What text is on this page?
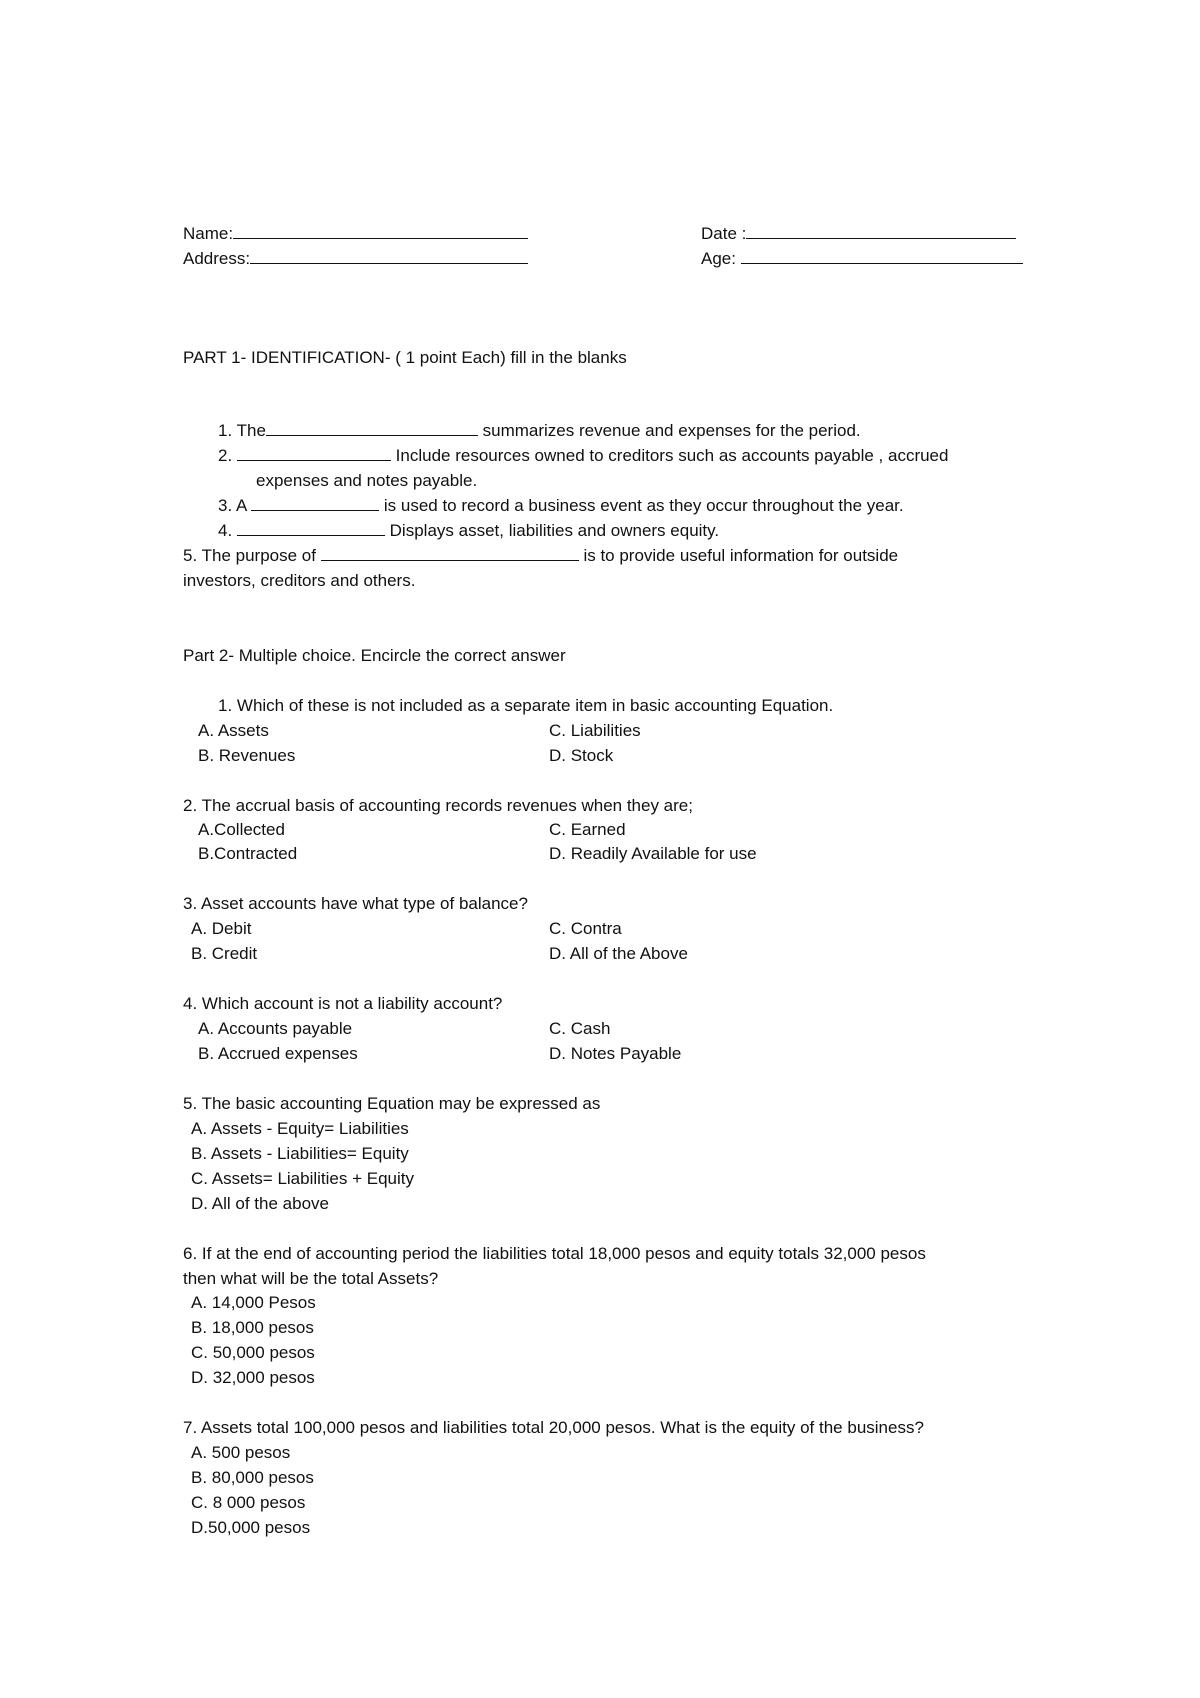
Name:
Address:
Date :
Age:
PART 1- IDENTIFICATION- ( 1 point Each) fill in the blanks
1. The	summarizes revenue and expenses for the period.
2.	Include resources owned to creditors such as accounts payable , accrued
expenses and notes payable.
3. A	is used to record a business event as they occur throughout the year.
4.	Displays asset, liabilities and owners equity.
5. The purpose of	is to provide useful information for outside
investors, creditors and others.
Part 2- Multiple choice. Encircle the correct answer
1. Which of these is not included as a separate item in basic accounting Equation.
A. Assets
B. Revenues
C. Liabilities
D. Stock
2. The accrual basis of accounting records revenues when they are;
A.Collected
B.Contracted
C. Earned
D. Readily Available for use
3. Asset accounts have what type of balance?
A. Debit
B. Credit
C. Contra
D. All of the Above
4. Which account is not a liability account?
A. Accounts payable
B. Accrued expenses
C. Cash
D. Notes Payable
5. The basic accounting Equation may be expressed as
A. Assets - Equity= Liabilities
B. Assets - Liabilities= Equity
C. Assets= Liabilities + Equity
D. All of the above
6. If at the end of accounting period the liabilities total 18,000 pesos and equity totals 32,000 pesos
then what will be the total Assets?
A. 14,000 Pesos
B. 18,000 pesos
C. 50,000 pesos
D. 32,000 pesos
7. Assets total 100,000 pesos and liabilities total 20,000 pesos. What is the equity of the business?
A. 500 pesos
B. 80,000 pesos
C. 8 000 pesos
D.50,000 pesos
